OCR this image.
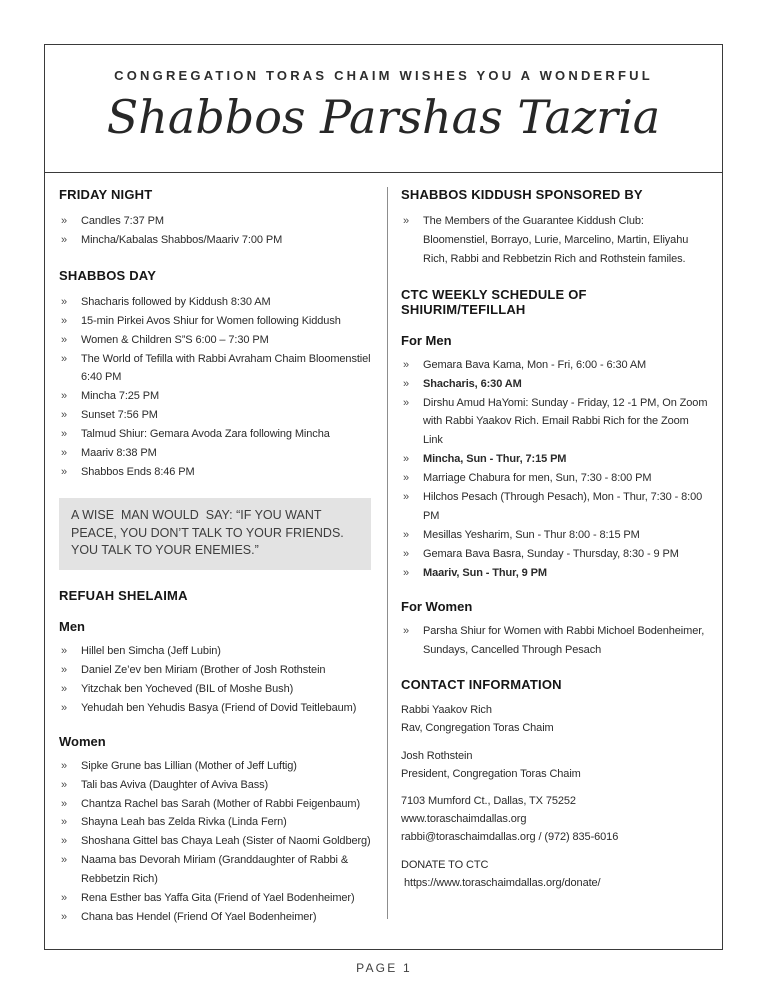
CONGREGATION TORAS CHAIM WISHES YOU A WONDERFUL

Shabbos Parshas Tazria
FRIDAY NIGHT
» Candles 7:37 PM
» Mincha/Kabalas Shabbos/Maariv 7:00 PM
SHABBOS DAY
» Shacharis followed by Kiddush 8:30 AM
» 15-min Pirkei Avos Shiur for Women following Kiddush
» Women & Children S”S 6:00 – 7:30 PM
» The World of Tefilla with Rabbi Avraham Chaim Bloomenstiel 6:40 PM
» Mincha 7:25 PM
» Sunset 7:56 PM
» Talmud Shiur: Gemara Avoda Zara following Mincha
» Maariv 8:38 PM
» Shabbos Ends 8:46 PM
A WISE  MAN WOULD  SAY: “IF YOU WANT PEACE, YOU DON’T TALK TO YOUR FRIENDS. YOU TALK TO YOUR ENEMIES.”
REFUAH SHELAIMA
Men
» Hillel ben Simcha (Jeff Lubin)
» Daniel Ze’ev ben Miriam (Brother of Josh Rothstein
» Yitzchak ben Yocheved (BIL of Moshe Bush)
» Yehudah ben Yehudis Basya (Friend of Dovid Teitlebaum)
Women
» Sipke Grune bas Lillian (Mother of Jeff Luftig)
» Tali bas Aviva (Daughter of Aviva Bass)
» Chantza Rachel bas Sarah (Mother of Rabbi Feigenbaum)
» Shayna Leah bas Zelda Rivka (Linda Fern)
» Shoshana Gittel bas Chaya Leah (Sister of Naomi Goldberg)
» Naama bas Devorah Miriam (Granddaughter of Rabbi & Rebbetzin Rich)
» Rena Esther bas Yaffa Gita (Friend of Yael Bodenheimer)
» Chana bas Hendel (Friend Of Yael Bodenheimer)
SHABBOS KIDDUSH SPONSORED BY
» The Members of the Guarantee Kiddush Club: Bloomenstiel, Borrayo, Lurie, Marcelino, Martin, Eliyahu Rich, Rabbi and Rebbetzin Rich and Rothstein familes.
CTC WEEKLY SCHEDULE OF SHIURIM/TEFILLAH
For Men
» Gemara Bava Kama, Mon - Fri, 6:00 - 6:30 AM
» Shacharis, 6:30 AM
» Dirshu Amud HaYomi: Sunday - Friday, 12 -1 PM, On Zoom with Rabbi Yaakov Rich. Email Rabbi Rich for the Zoom Link
» Mincha, Sun - Thur, 7:15 PM
» Marriage Chabura for men, Sun, 7:30 - 8:00 PM
» Hilchos Pesach (Through Pesach), Mon - Thur, 7:30 - 8:00 PM
» Mesillas Yesharim, Sun - Thur 8:00 - 8:15 PM
» Gemara Bava Basra, Sunday - Thursday, 8:30 - 9 PM
» Maariv, Sun - Thur, 9 PM
For Women
» Parsha Shiur for Women with Rabbi Michoel Bodenheimer, Sundays, Cancelled Through Pesach
CONTACT INFORMATION

Rabbi Yaakov Rich

Rav, Congregation Toras Chaim

Josh Rothstein

President, Congregation Toras Chaim

7103 Mumford Ct., Dallas, TX 75252

www.toraschaimdallas.org

rabbi@toraschaimdallas.org / (972) 835-6016

DONATE TO CTC

https://www.toraschaimdallas.org/donate/

PAGE 1
